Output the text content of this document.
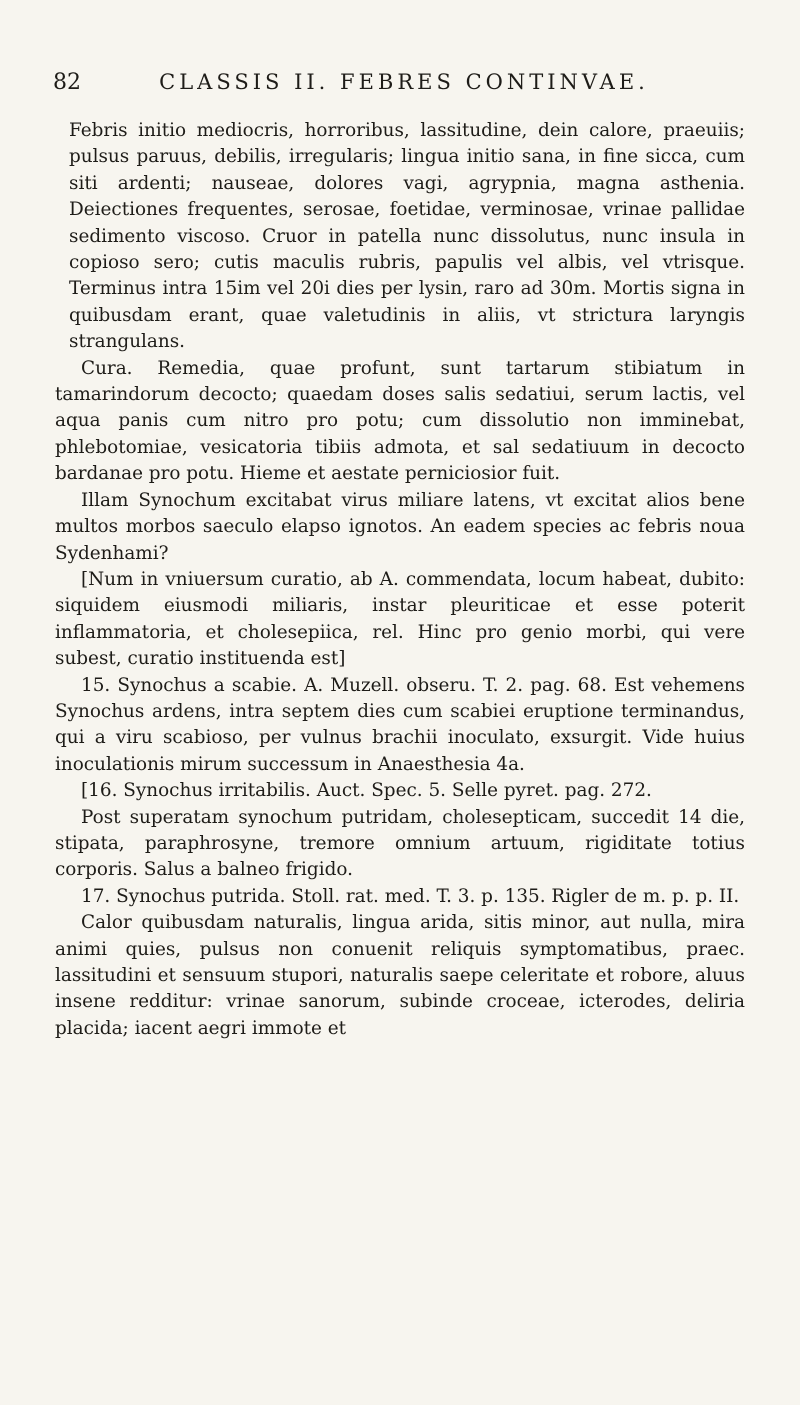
82	CLASSIS II. FEBRES CONTINVAE.

Febris initio mediocris, horroribus, lassitudine, dein calore, praeuiis; pulsus paruus, debilis, irregularis; lingua initio sana, in fine sicca, cum siti ardenti; nauseae, dolores vagi, agrypnia, magna asthenia. Deiectiones frequentes, serosae, foetidae, verminosae, vrinae pallidae sedimento viscoso. Cruor in patella nunc dissolutus, nunc insula in copioso sero; cutis maculis rubris, papulis vel albis, vel vtrisque. Terminus intra 15im vel 20i dies per lysin, raro ad 30m. Mortis signa in quibusdam erant, quae valetudinis in aliis, vt strictura laryngis strangulans.

Cura. Remedia, quae profunt, sunt tartarum stibiatum in tamarindorum decocto; quaedam doses salis sedatiui, serum lactis, vel aqua panis cum nitro pro potu; cum dissolutio non imminebat, phlebotomiae, vesicatoria tibiis admota, et sal sedatiuum in decocto bardanae pro potu. Hieme et aestate perniciosior fuit.

Illam Synochum excitabat virus miliare latens, vt excitat alios bene multos morbos saeculo elapso ignotos. An eadem species ac febris noua Sydenhami?

[Num in vniuersum curatio, ab A. commendata, locum habeat, dubito: siquidem eiusmodi miliaris, instar pleuriticae et esse poterit inflammatoria, et cholesepiica, rel. Hinc pro genio morbi, qui vere subest, curatio instituenda est]

15. Synochus a scabie. A. Muzell. obseru. T. 2. pag. 68. Est vehemens Synochus ardens, intra septem dies cum scabiei eruptione terminandus, qui a viru scabioso, per vulnus brachii inoculato, exsurgit. Vide huius inoculationis mirum successum in Anaesthesia 4a.

[16. Synochus irritabilis. Auct. Spec. 5. Selle pyret. pag. 272.

Post superatam synochum putridam, cholesepticam, succedit 14 die, stipata, paraphrosyne, tremore omnium artuum, rigiditate totius corporis. Salus a balneo frigido.

17. Synochus putrida. Stoll. rat. med. T. 3. p. 135. Rigler de m. p. p. II.

Calor quibusdam naturalis, lingua arida, sitis minor, aut nulla, mira animi quies, pulsus non conuenit reliquis symptomatibus, praec. lassitudini et sensuum stupori, naturalis saepe celeritate et robore, aluus insene redditur: vrinae sanorum, subinde croceae, icterodes, deliria placida; iacent aegri immote et
